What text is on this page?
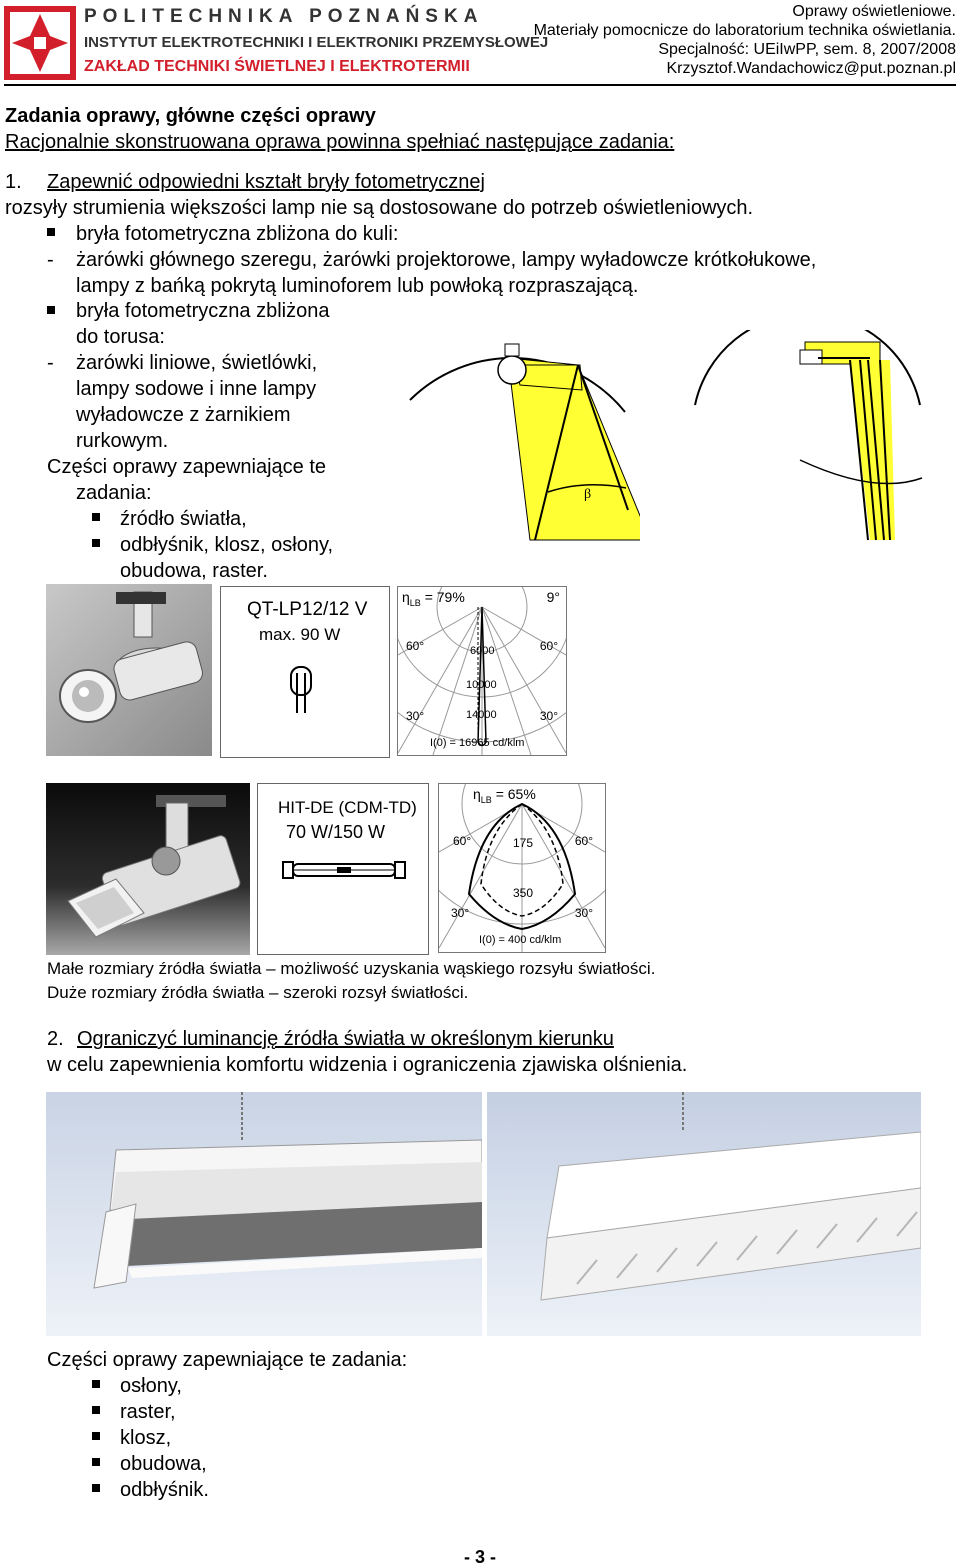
POLITECHNIKA POZNAŃSKA
INSTYTUT ELEKTROTECHNIKI I ELEKTRONIKI PRZEMYSŁOWEJ
ZAKŁAD TECHNIKI ŚWIETLNEJ I ELEKTROTERMII
Oprawy oświetleniowe.
Materiały pomocnicze do laboratorium technika oświetlania.
Specjalność: UEiIwPP, sem. 8, 2007/2008
Krzysztof.Wandachowicz@put.poznan.pl
Zadania oprawy, główne części oprawy
Racjonalnie skonstruowana oprawa powinna spełniać następujące zadania:
1. Zapewnić odpowiedni kształt bryły fotometrycznej
rozsyły strumienia większości lamp nie są dostosowane do potrzeb oświetleniowych.
bryła fotometryczna zbliżona do kuli:
- żarówki głównego szeregu, żarówki projektorowe, lampy wyładowcze krótkołukowe,
lampy z bańką pokrytą luminoforem lub powłoką rozpraszającą.
bryła fotometryczna zbliżona
do torusa:
- żarówki liniowe, świetlówki,
lampy sodowe i inne lampy
wyładowcze z żarnikiem
rurkowym.
Części oprawy zapewniające te
zadania:
źródło światła,
odbłyśnik, klosz, osłony,
obudowa, raster.
β
QT-LP12/12 V
max. 90 W
$\eta_{LB} = 79\%$	9°
60°	60°
30°	30°
6000
10000
14000
I(0) = 16965 cd/klm
HIT-DE (CDM-TD)
70 W/150 W
$\eta_{LB} = 65\%$
60°	60°
30°	30°
175
350
I(0) = 400 cd/klm
Małe rozmiary źródła światła – możliwość uzyskania wąskiego rozsyłu światłości.
Duże rozmiary źródła światła – szeroki rozsył światłości.
2. Ograniczyć luminancję źródła światła w określonym kierunku
w celu zapewnienia komfortu widzenia i ograniczenia zjawiska olśnienia.
Części oprawy zapewniające te zadania:
osłony,
raster,
klosz,
obudowa,
odbłyśnik.
- 3 -
